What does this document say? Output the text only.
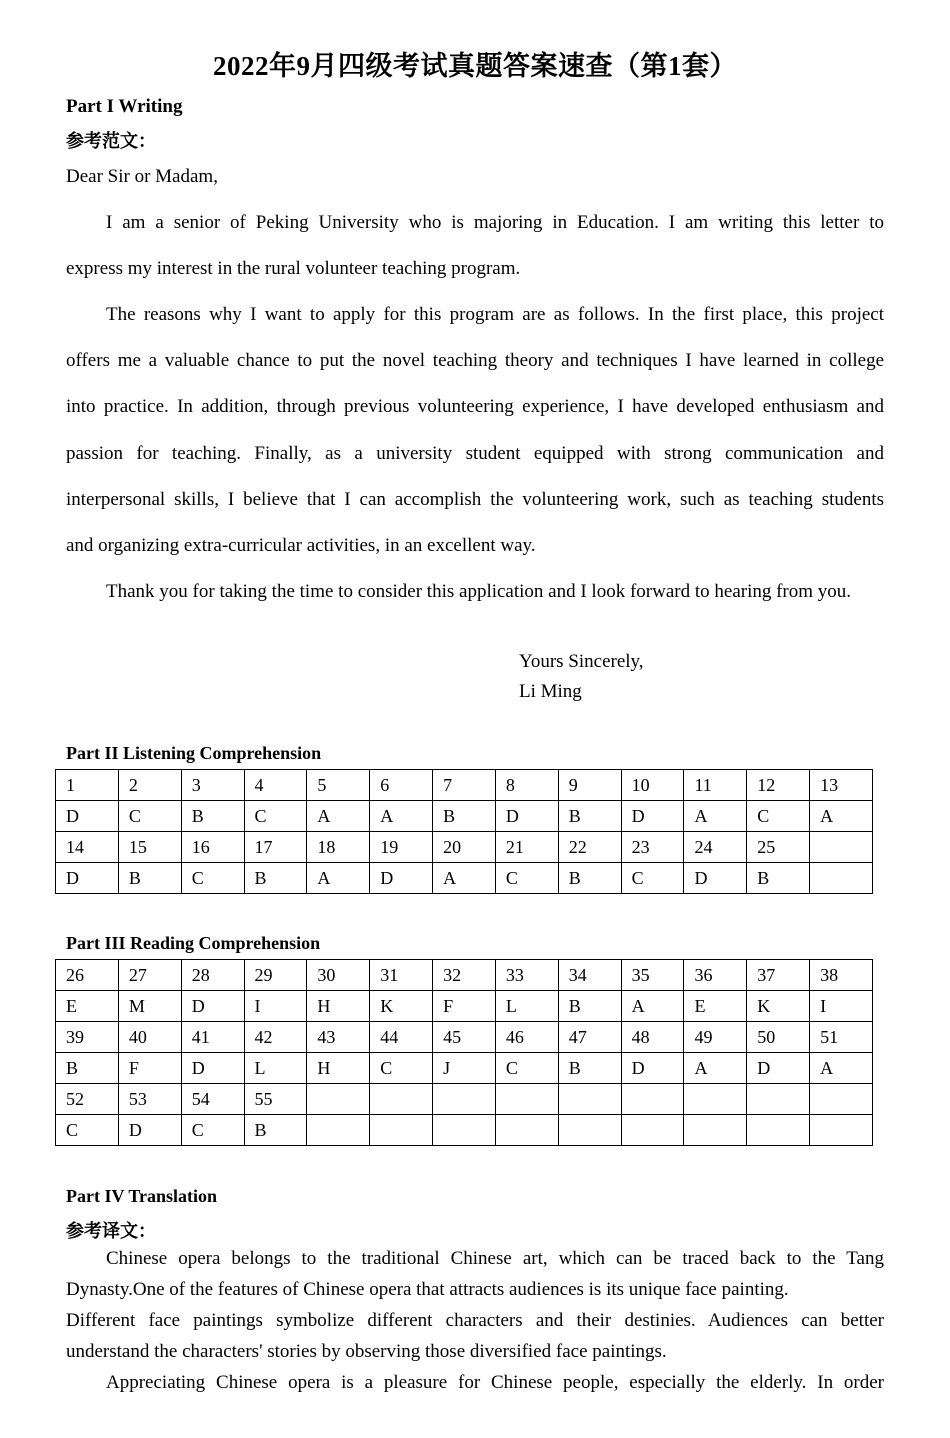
2022年9月四级考试真题答案速查（第1套）
Part I Writing
参考范文：
Dear Sir or Madam,
I am a senior of Peking University who is majoring in Education. I am writing this letter to
express my interest in the rural volunteer teaching program.
The reasons why I want to apply for this program are as follows. In the first place, this project
offers me a valuable chance to put the novel teaching theory and techniques I have learned in college
into practice. In addition, through previous volunteering experience, I have developed enthusiasm and
passion for teaching. Finally, as a university student equipped with strong communication and
interpersonal skills, I believe that I can accomplish the volunteering work, such as teaching students
and organizing extra-curricular activities, in an excellent way.
Thank you for taking the time to consider this application and I look forward to hearing from you.
Yours Sincerely,
Li Ming
Part II Listening Comprehension
1	2	3	4	5	6	7	8	9	10	11	12	13
D	C	B	C	A	A	B	D	B	D	A	C	A
14	15	16	17	18	19	20	21	22	23	24	25	
D	B	C	B	A	D	A	C	B	C	D	B	
Part III Reading Comprehension
26	27	28	29	30	31	32	33	34	35	36	37	38
E	M	D	I	H	K	F	L	B	A	E	K	I
39	40	41	42	43	44	45	46	47	48	49	50	51
B	F	D	L	H	C	J	C	B	D	A	D	A
52	53	54	55									
C	D	C	B									
Part IV Translation
参考译文：
Chinese opera belongs to the traditional Chinese art, which can be traced back to the Tang
Dynasty.One of the features of Chinese opera that attracts audiences is its unique face painting.
Different face paintings symbolize different characters and their destinies. Audiences can better
understand the characters' stories by observing those diversified face paintings.
Appreciating Chinese opera is a pleasure for Chinese people, especially the elderly. In order
